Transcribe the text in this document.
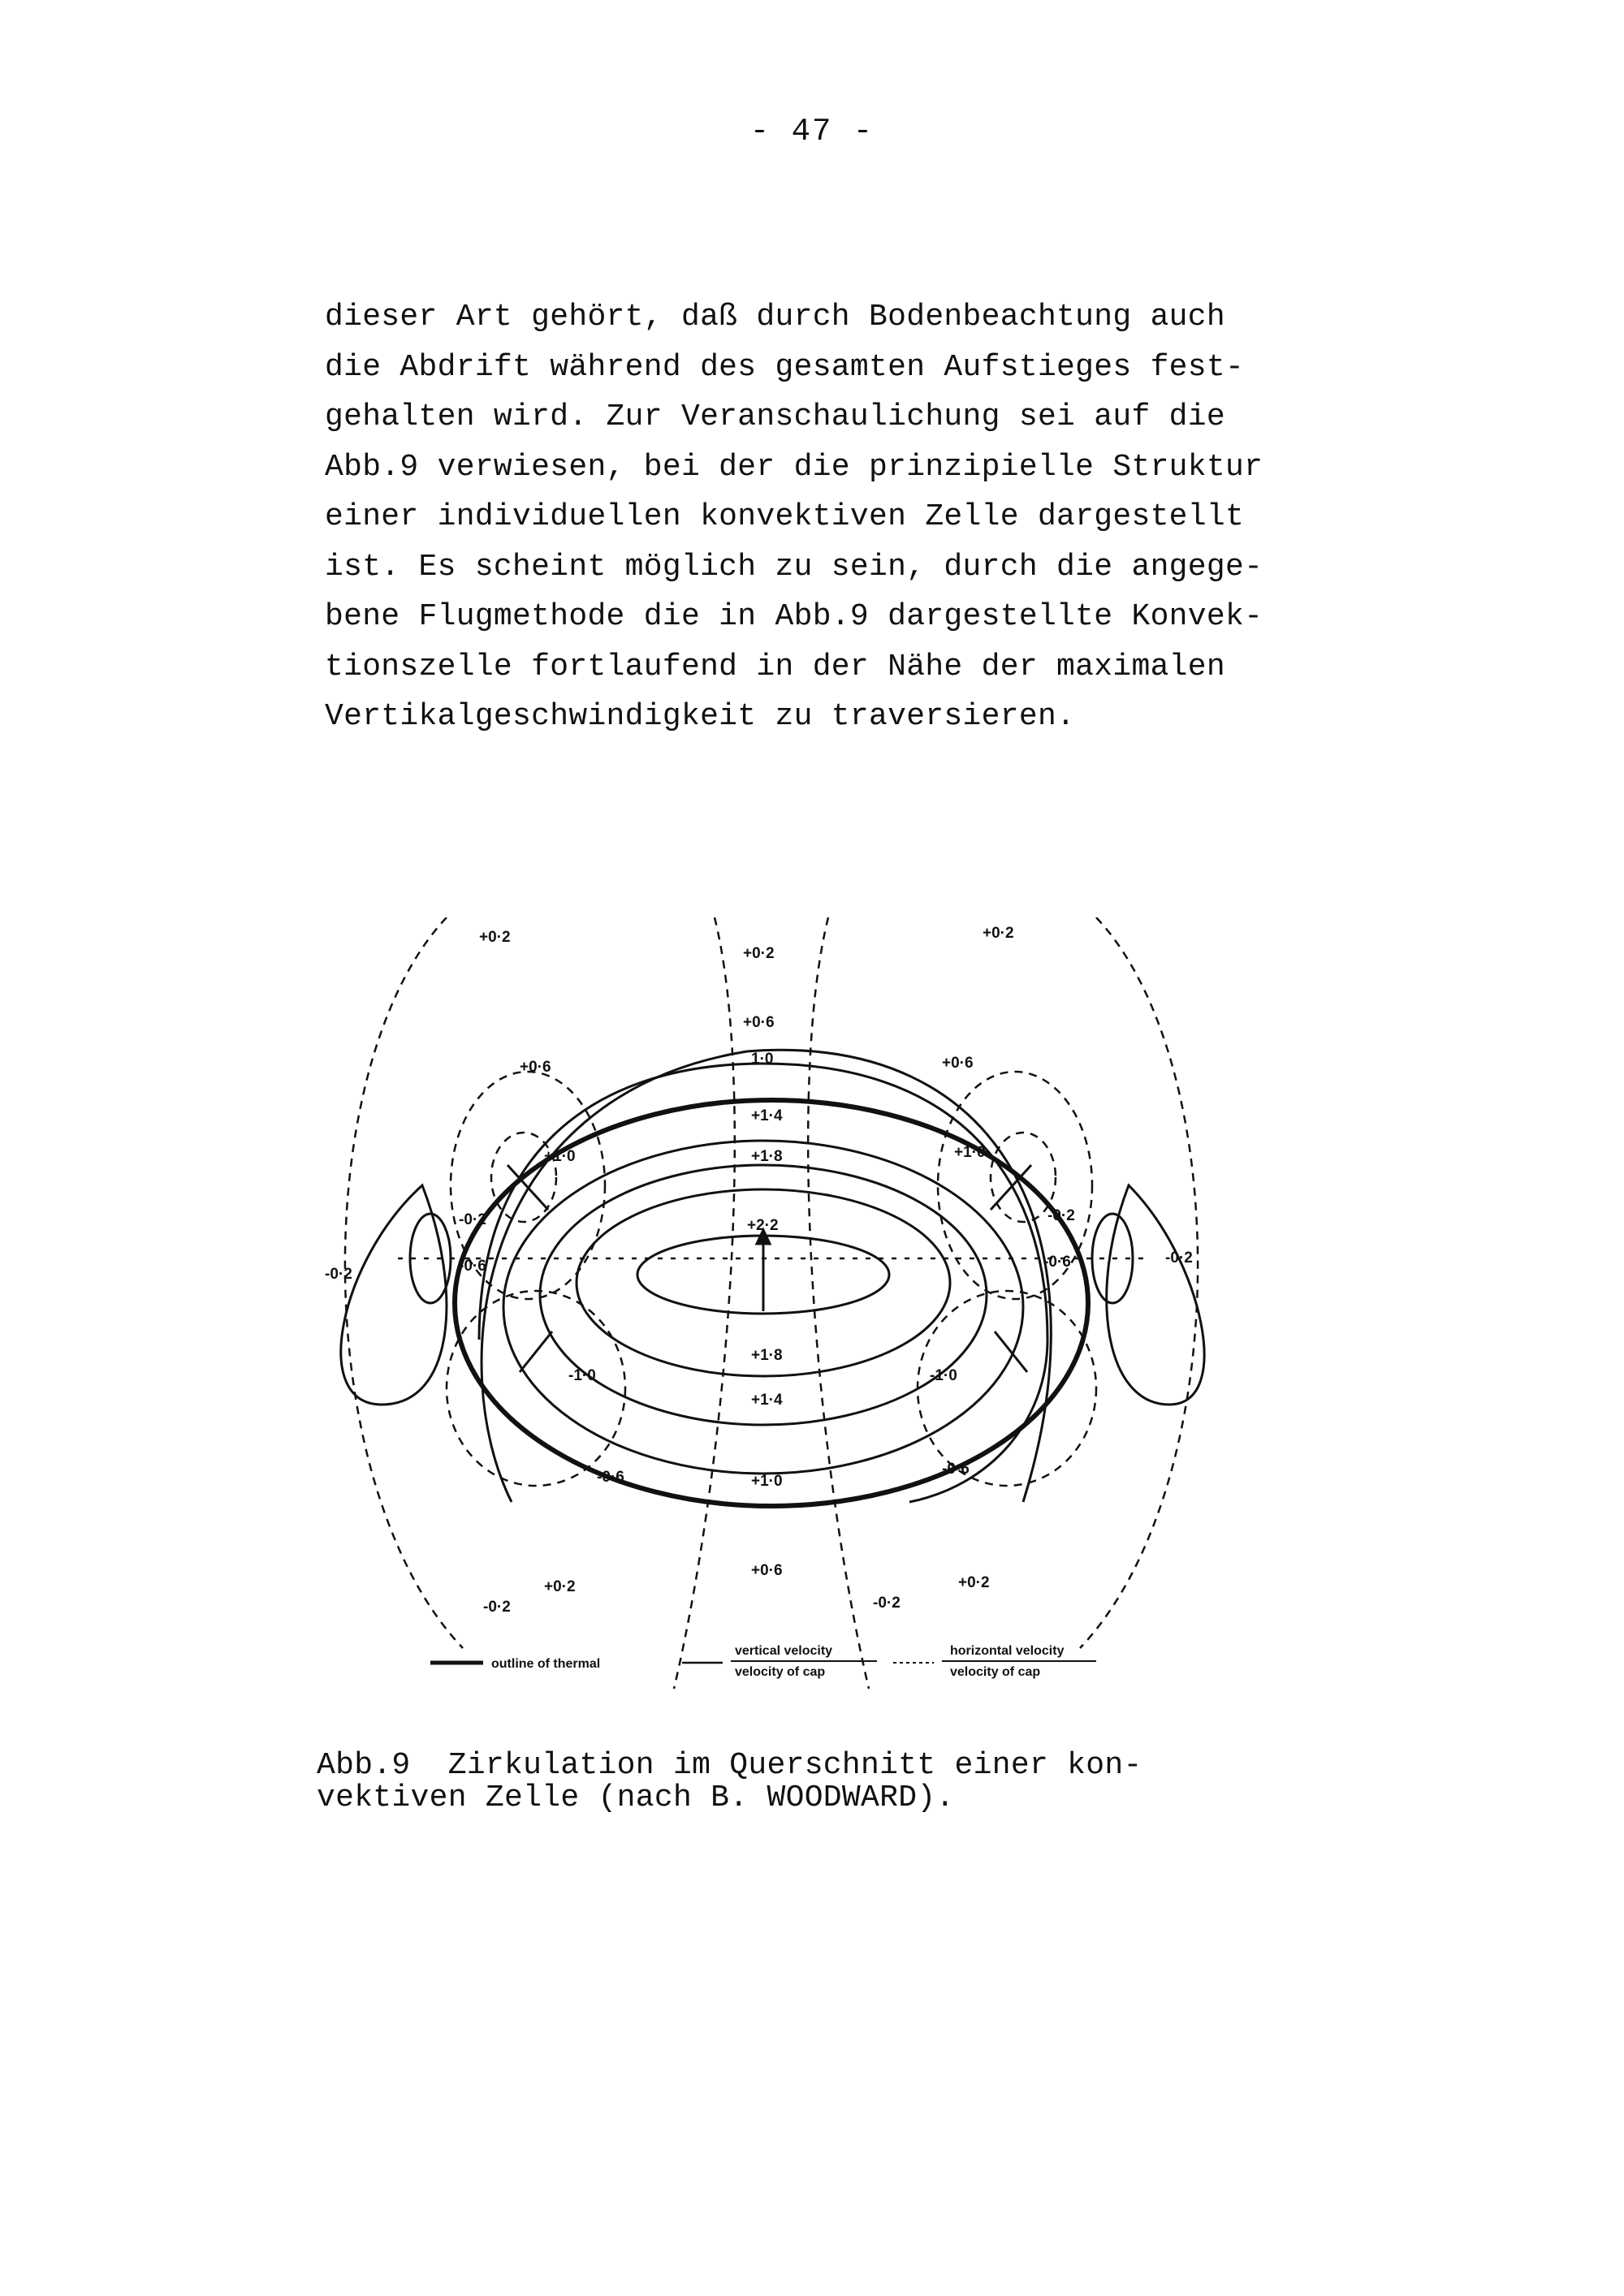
- 47 -
dieser Art gehört, daß durch Bodenbeachtung auch
die Abdrift während des gesamten Aufstieges fest-
gehalten wird. Zur Veranschaulichung sei auf die
Abb.9 verwiesen, bei der die prinzipielle Struktur
einer individuellen konvektiven Zelle dargestellt
ist. Es scheint möglich zu sein, durch die angege-
bene Flugmethode die in Abb.9 dargestellte Konvek-
tionszelle fortlaufend in der Nähe der maximalen
Vertikalgeschwindigkeit zu traversieren.
+0·2
+0·2
+0·2
+0·6
1·0
+1·4
+1·8
+2·2
+1·8
+1·4
+1·0
+0·6
+0·6	+0·6
+1·0	+1·0
-0·2
-0·6
-0·2
-0·6
-0·2
-0·2
-1·0	-1·0
-0·6	-0·6
+0·2	+0·2
-0·2	-0·2
outline of thermal
vertical velocity
velocity of cap
horizontal velocity
velocity of cap
Abb.9  Zirkulation im Querschnitt einer kon-
vektiven Zelle (nach B. WOODWARD).
